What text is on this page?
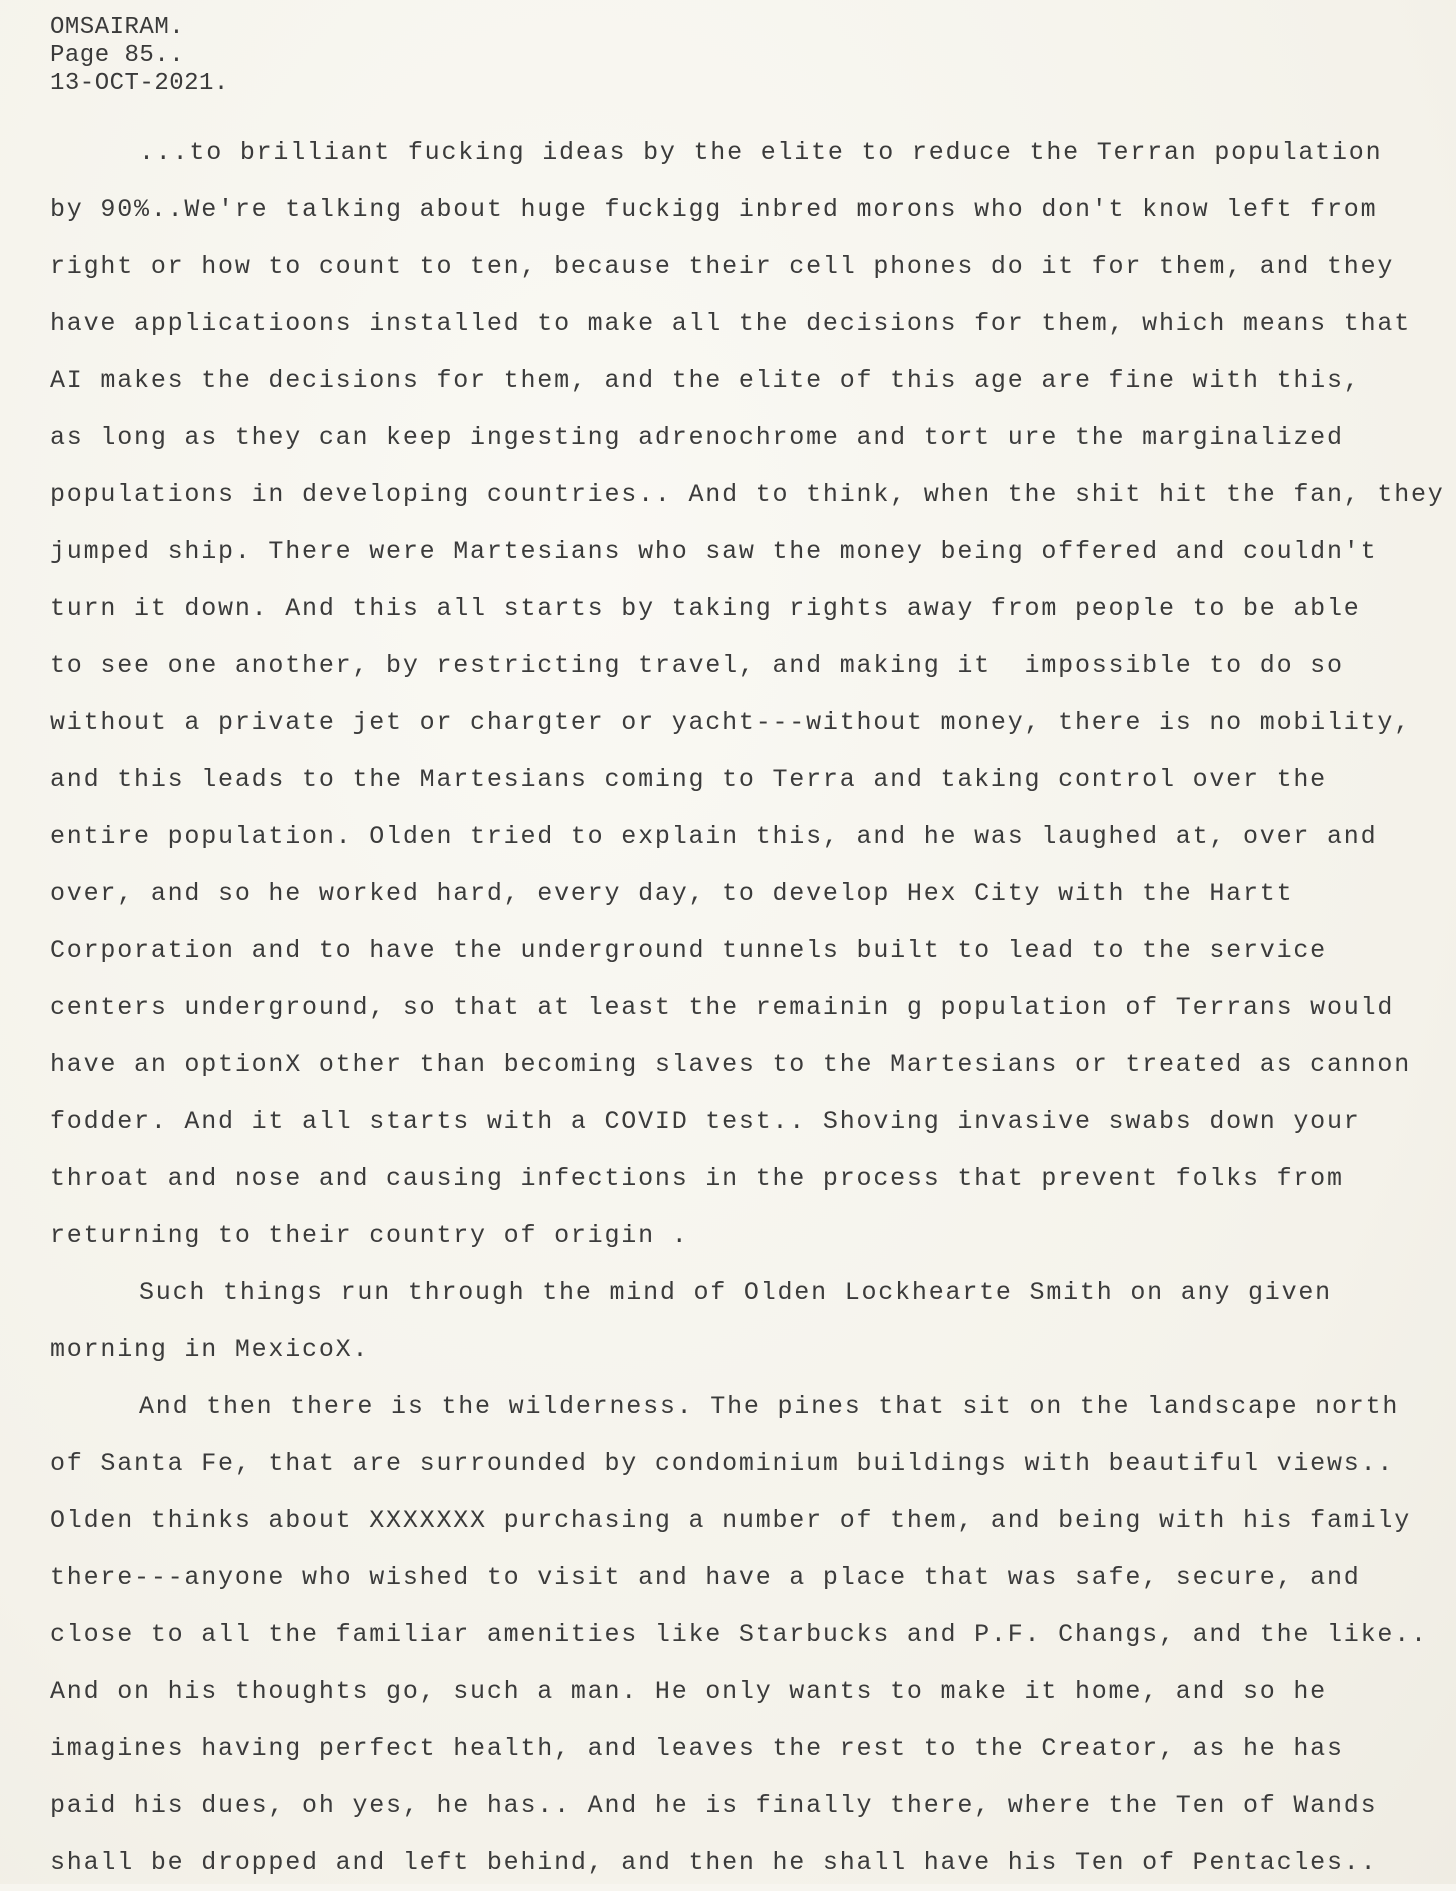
OMSAIRAM.
Page 85..
13-OCT-2021.
...to brilliant fucking ideas by the elite to reduce the Terran population
by 90%..We're talking about huge fuckigg inbred morons who don't know left from
right or how to count to ten, because their cell phones do it for them, and they
have applicatioons installed to make all the decisions for them, which means that
AI makes the decisions for them, and the elite of this age are fine with this,
as long as they can keep ingesting adrenochrome and tort ure the marginalized
populations in developing countries.. And to think, when the shit hit the fan, they
jumped ship. There were Martesians who saw the money being offered and couldn't
turn it down. And this all starts by taking rights away from people to be able
to see one another, by restricting travel, and making it  impossible to do so
without a private jet or chargter or yacht---without money, there is no mobility,
and this leads to the Martesians coming to Terra and taking control over the
entire population. Olden tried to explain this, and he was laughed at, over and
over, and so he worked hard, every day, to develop Hex City with the Hartt
Corporation and to have the underground tunnels built to lead to the service
centers underground, so that at least the remainin g population of Terrans would
have an optionX other than becoming slaves to the Martesians or treated as cannon
fodder. And it all starts with a COVID test.. Shoving invasive swabs down your
throat and nose and causing infections in the process that prevent folks from
returning to their country of origin .
Such things run through the mind of Olden Lockhearte Smith on any given
morning in MexicoX.
And then there is the wilderness. The pines that sit on the landscape north
of Santa Fe, that are surrounded by condominium buildings with beautiful views..
Olden thinks about XXXXXXX purchasing a number of them, and being with his family
there---anyone who wished to visit and have a place that was safe, secure, and
close to all the familiar amenities like Starbucks and P.F. Changs, and the like..
And on his thoughts go, such a man. He only wants to make it home, and so he
imagines having perfect health, and leaves the rest to the Creator, as he has
paid his dues, oh yes, he has.. And he is finally there, where the Ten of Wands
shall be dropped and left behind, and then he shall have his Ten of Pentacles..
